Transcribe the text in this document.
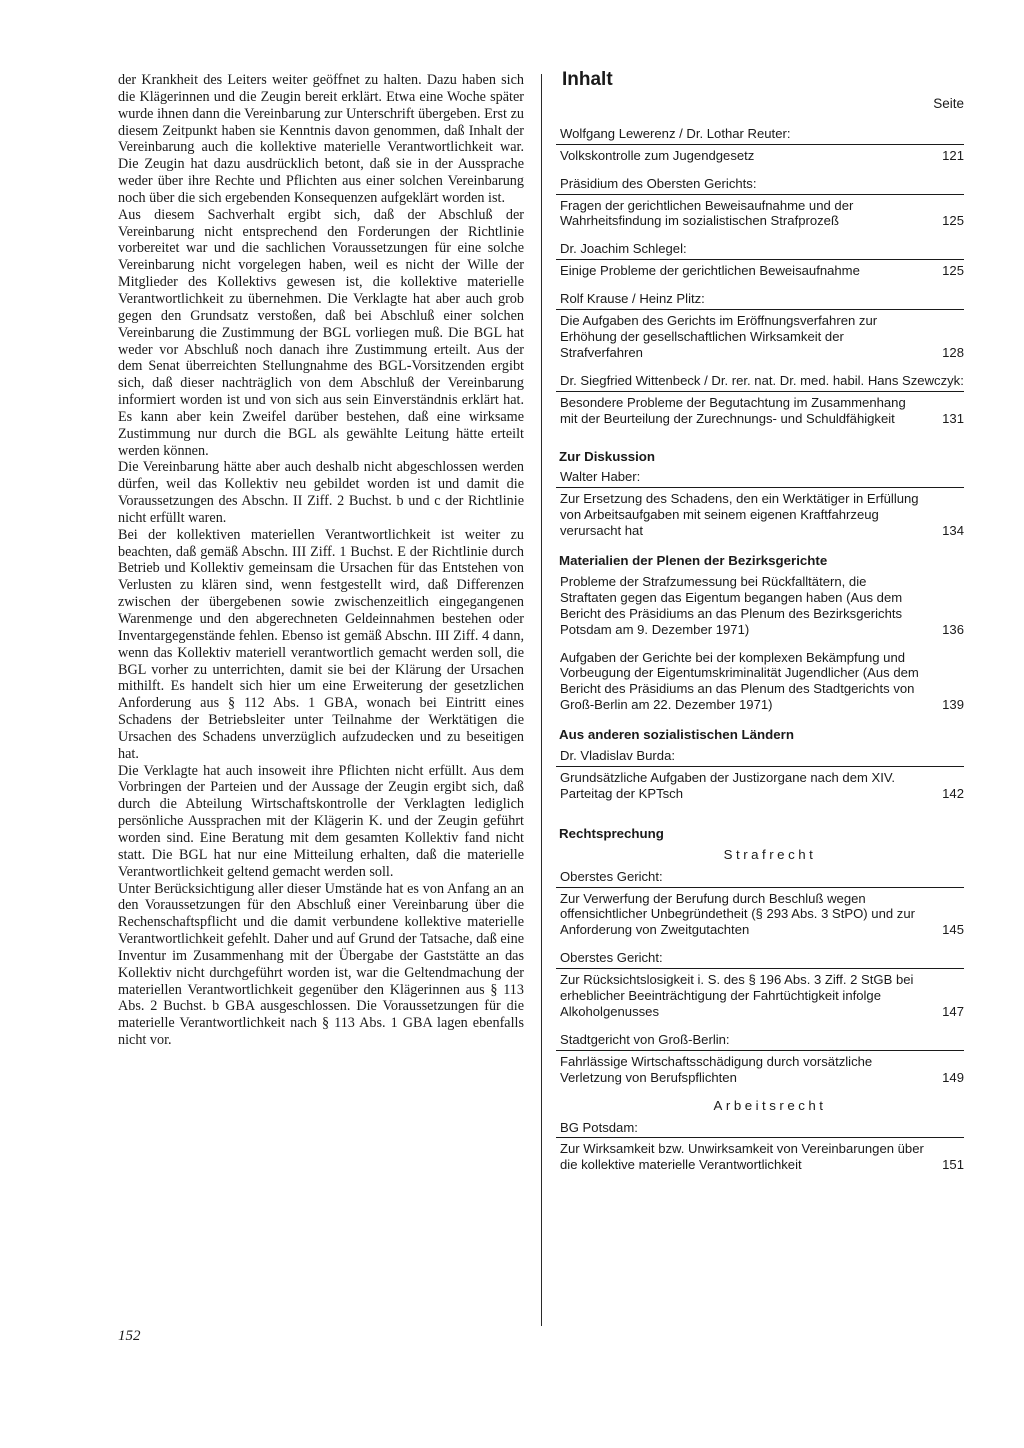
der Krankheit des Leiters weiter geöffnet zu halten. Dazu haben sich die Klägerinnen und die Zeugin bereit erklärt. Etwa eine Woche später wurde ihnen dann die Vereinbarung zur Unterschrift übergeben. Erst zu diesem Zeitpunkt haben sie Kenntnis davon genommen, daß Inhalt der Vereinbarung auch die kollektive materielle Verantwortlichkeit war. Die Zeugin hat dazu ausdrücklich betont, daß sie in der Aussprache weder über ihre Rechte und Pflichten aus einer solchen Vereinbarung noch über die sich ergebenden Konsequenzen aufgeklärt worden ist.

Aus diesem Sachverhalt ergibt sich, daß der Abschluß der Vereinbarung nicht entsprechend den Forderungen der Richtlinie vorbereitet war und die sachlichen Voraussetzungen für eine solche Vereinbarung nicht vorgelegen haben, weil es nicht der Wille der Mitglieder des Kollektivs gewesen ist, die kollektive materielle Verantwortlichkeit zu übernehmen. Die Verklagte hat aber auch grob gegen den Grundsatz verstoßen, daß bei Abschluß einer solchen Vereinbarung die Zustimmung der BGL vorliegen muß. Die BGL hat weder vor Abschluß noch danach ihre Zustimmung erteilt. Aus der dem Senat überreichten Stellungnahme des BGL-Vorsitzenden ergibt sich, daß dieser nachträglich von dem Abschluß der Vereinbarung informiert worden ist und von sich aus sein Einverständnis erklärt hat. Es kann aber kein Zweifel darüber bestehen, daß eine wirksame Zustimmung nur durch die BGL als gewählte Leitung hätte erteilt werden können.

Die Vereinbarung hätte aber auch deshalb nicht abgeschlossen werden dürfen, weil das Kollektiv neu gebildet worden ist und damit die Voraussetzungen des Abschn. II Ziff. 2 Buchst. b und c der Richtlinie nicht erfüllt waren.

Bei der kollektiven materiellen Verantwortlichkeit ist weiter zu beachten, daß gemäß Abschn. III Ziff. 1 Buchst. E der Richtlinie durch Betrieb und Kollektiv gemeinsam die Ursachen für das Entstehen von Verlusten zu klären sind, wenn festgestellt wird, daß Differenzen zwischen der übergebenen sowie zwischenzeitlich eingegangenen Warenmenge und den abgerechneten Geldeinnahmen bestehen oder Inventargegenstände fehlen. Ebenso ist gemäß Abschn. III Ziff. 4 dann, wenn das Kollektiv materiell verantwortlich gemacht werden soll, die BGL vorher zu unterrichten, damit sie bei der Klärung der Ursachen mithilft. Es handelt sich hier um eine Erweiterung der gesetzlichen Anforderung aus § 112 Abs. 1 GBA, wonach bei Eintritt eines Schadens der Betriebsleiter unter Teilnahme der Werktätigen die Ursachen des Schadens unverzüglich aufzudecken und zu beseitigen hat.

Die Verklagte hat auch insoweit ihre Pflichten nicht erfüllt. Aus dem Vorbringen der Parteien und der Aussage der Zeugin ergibt sich, daß durch die Abteilung Wirtschaftskontrolle der Verklagten lediglich persönliche Aussprachen mit der Klägerin K. und der Zeugin geführt worden sind. Eine Beratung mit dem gesamten Kollektiv fand nicht statt. Die BGL hat nur eine Mitteilung erhalten, daß die materielle Verantwortlichkeit geltend gemacht werden soll.

Unter Berücksichtigung aller dieser Umstände hat es von Anfang an an den Voraussetzungen für den Abschluß einer Vereinbarung über die Rechenschaftspflicht und die damit verbundene kollektive materielle Verantwortlichkeit gefehlt. Daher und auf Grund der Tatsache, daß eine Inventur im Zusammenhang mit der Übergabe der Gaststätte an das Kollektiv nicht durchgeführt worden ist, war die Geltendmachung der materiellen Verantwortlichkeit gegenüber den Klägerinnen aus § 113 Abs. 2 Buchst. b GBA ausgeschlossen. Die Voraussetzungen für die materielle Verantwortlichkeit nach § 113 Abs. 1 GBA lagen ebenfalls nicht vor.

152
Inhalt
Seite
Wolfgang Lewerenz / Dr. Lothar Reuter:
Volkskontrolle zum Jugendgesetz	121
Präsidium des Obersten Gerichts:
Fragen der gerichtlichen Beweisaufnahme und der Wahrheitsfindung im sozialistischen Strafprozeß	125
Dr. Joachim Schlegel:
Einige Probleme der gerichtlichen Beweisaufnahme	125
Rolf Krause / Heinz Plitz:
Die Aufgaben des Gerichts im Eröffnungsverfahren zur Erhöhung der gesellschaftlichen Wirksamkeit der Strafverfahren	128
Dr. Siegfried Wittenbeck / Dr. rer. nat. Dr. med. habil. Hans Szewczyk:
Besondere Probleme der Begutachtung im Zusammenhang mit der Beurteilung der Zurechnungs- und Schuldfähigkeit	131
Zur Diskussion
Walter Haber:
Zur Ersetzung des Schadens, den ein Werktätiger in Erfüllung von Arbeitsaufgaben mit seinem eigenen Kraftfahrzeug verursacht hat	134
Materialien der Plenen der Bezirksgerichte
Probleme der Strafzumessung bei Rückfalltätern, die Straftaten gegen das Eigentum begangen haben (Aus dem Bericht des Präsidiums an das Plenum des Bezirksgerichts Potsdam am 9. Dezember 1971)	136
Aufgaben der Gerichte bei der komplexen Bekämpfung und Vorbeugung der Eigentumskriminalität Jugendlicher (Aus dem Bericht des Präsidiums an das Plenum des Stadtgerichts von Groß-Berlin am 22. Dezember 1971)	139
Aus anderen sozialistischen Ländern
Dr. Vladislav Burda:
Grundsätzliche Aufgaben der Justizorgane nach dem XIV. Parteitag der KPTsch	142
Rechtsprechung
Strafrecht
Oberstes Gericht:
Zur Verwerfung der Berufung durch Beschluß wegen offensichtlicher Unbegründetheit (§ 293 Abs. 3 StPO) und zur Anforderung von Zweitgutachten	145
Oberstes Gericht:
Zur Rücksichtslosigkeit i. S. des § 196 Abs. 3 Ziff. 2 StGB bei erheblicher Beeinträchtigung der Fahrtüchtigkeit infolge Alkoholgenusses	147
Stadtgericht von Groß-Berlin:
Fahrlässige Wirtschaftsschädigung durch vorsätzliche Verletzung von Berufspflichten	149
Arbeitsrecht
BG Potsdam:
Zur Wirksamkeit bzw. Unwirksamkeit von Vereinbarungen über die kollektive materielle Verantwortlichkeit	151
